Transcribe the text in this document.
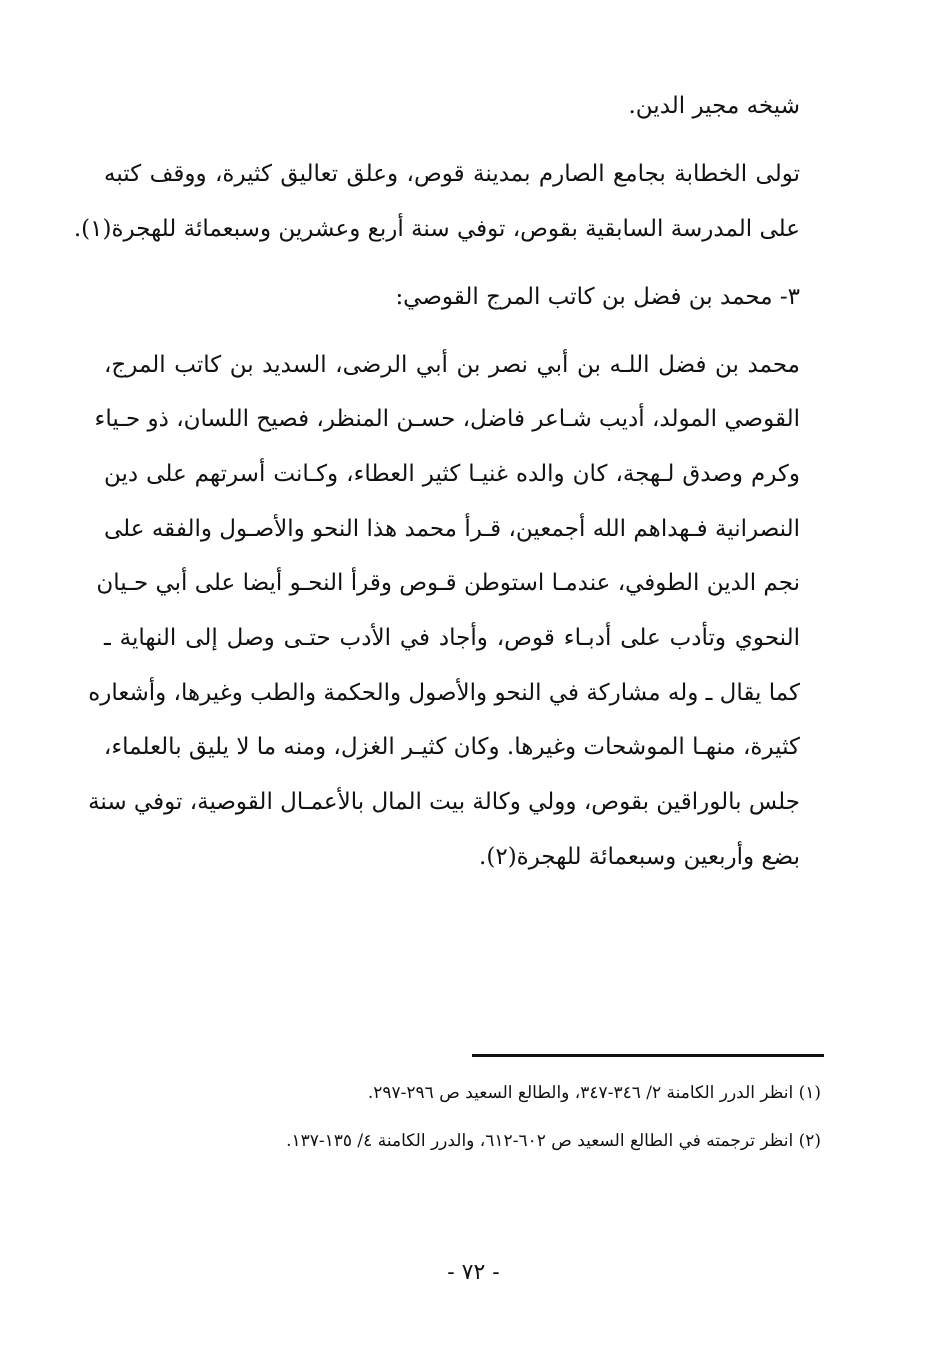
شيخه مجير الدين.
تولى الخطابة بجامع الصارم بمدينة قوص، وعلق تعاليق كثيرة، ووقف كتبه
على المدرسة السابقية بقوص، توفي سنة أربع وعشرين وسبعمائة للهجرة(١).
٣- محمد بن فضل بن كاتب المرج القوصي:
محمد بن فضل اللـه بن أبي نصر بن أبي الرضى، السديد بن كاتب المرج،
القوصي المولد، أديب شـاعر فاضل، حسـن المنظر، فصيح اللسان، ذو حـياء
وكرم وصدق لـهجة، كان والده غنيـا كثير العطاء، وكـانت أسرتهم على دين
النصرانية فـهداهم الله أجمعين، قـرأ محمد هذا النحو والأصـول والفقه على
نجم الدين الطوفي، عندمـا استوطن قـوص وقرأ النحـو أيضا على أبي حـيان
النحوي وتأدب على أدبـاء قوص، وأجاد في الأدب حتـى وصل إلى النهاية ـ
كما يقال ـ وله مشاركة في النحو والأصول والحكمة والطب وغيرها، وأشعاره
كثيرة، منهـا الموشحات وغيرها. وكان كثيـر الغزل، ومنه ما لا يليق بالعلماء،
جلس بالوراقين بقوص، وولي وكالة بيت المال بالأعمـال القوصية، توفي سنة
بضع وأربعين وسبعمائة للهجرة(٢).
(١) انظر الدرر الكامنة ٢/ ٣٤٦-٣٤٧، والطالع السعيد ص ٢٩٦-٢٩٧.
(٢) انظر ترجمته في الطالع السعيد ص ٦٠٢-٦١٢، والدرر الكامنة ٤/ ١٣٥-١٣٧.
- ٧٢ -
